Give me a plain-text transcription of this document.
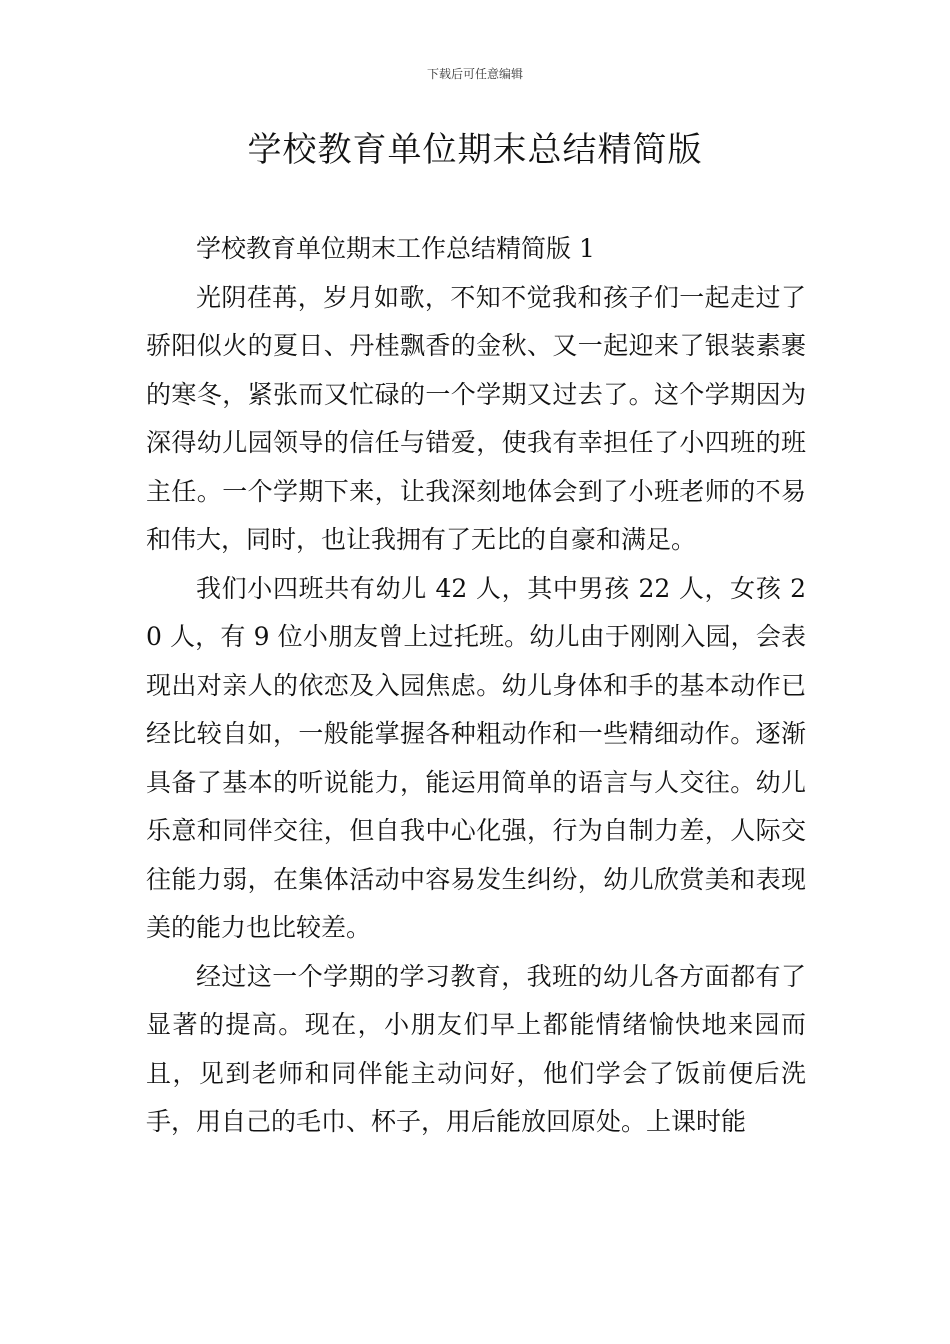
下载后可任意编辑
学校教育单位期末总结精简版

学校教育单位期末工作总结精简版 1

光阴荏苒，岁月如歌，不知不觉我和孩子们一起走过了骄阳似火的夏日、丹桂飘香的金秋、又一起迎来了银装素裹的寒冬，紧张而又忙碌的一个学期又过去了。这个学期因为深得幼儿园领导的信任与错爱，使我有幸担任了小四班的班主任。一个学期下来，让我深刻地体会到了小班老师的不易和伟大，同时，也让我拥有了无比的自豪和满足。

我们小四班共有幼儿 42 人，其中男孩 22 人，女孩 20 人，有 9 位小朋友曾上过托班。幼儿由于刚刚入园，会表现出对亲人的依恋及入园焦虑。幼儿身体和手的基本动作已经比较自如，一般能掌握各种粗动作和一些精细动作。逐渐具备了基本的听说能力，能运用简单的语言与人交往。幼儿乐意和同伴交往，但自我中心化强，行为自制力差，人际交往能力弱，在集体活动中容易发生纠纷，幼儿欣赏美和表现美的能力也比较差。

经过这一个学期的学习教育，我班的幼儿各方面都有了显著的提高。现在，小朋友们早上都能情绪愉快地来园而且，见到老师和同伴能主动问好，他们学会了饭前便后洗手，用自己的毛巾、杯子，用后能放回原处。上课时能
